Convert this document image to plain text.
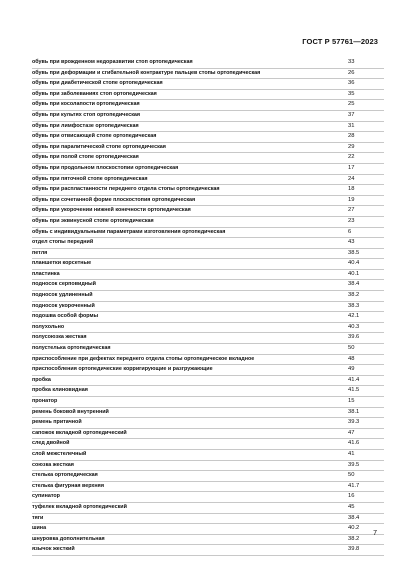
ГОСТ Р 57761—2023
обувь при врожденном недоразвитии стоп ортопедическая	33
обувь при деформации и сгибательной контрактуре пальцев стопы ортопедическая	26
обувь при диабетической стопе ортопедическая	36
обувь при заболеваниях стоп ортопедическая	35
обувь при косолапости ортопедическая	25
обувь при культях стоп ортопедическая	37
обувь при лимфостазе ортопедическая	31
обувь при отвисающей стопе ортопедическая	28
обувь при паралитической стопе ортопедическая	29
обувь при полой стопе ортопедическая	22
обувь при продольном плоскостопии ортопедическая	17
обувь при пяточной стопе ортопедическая	24
обувь при распластанности переднего отдела стопы ортопедическая	18
обувь при сочетанной форме плоскостопия ортопедическая	19
обувь при укорочении нижней конечности ортопедическая	27
обувь при эквинусной стопе ортопедическая	23
обувь с индивидуальными параметрами изготовления ортопедическая	6
отдел стопы передний	43
петля	38.5
планшетки корсетные	40.4
пластинка	40.1
подносок серповидный	38.4
подносок удлиненный	38.2
подносок укороченный	38.3
подошва особой формы	42.1
полухольно	40.3
полусоюзка жесткая	39.6
полустелька ортопедическая	50
приспособление при дефектах переднего отдела стопы ортопедическое вкладное	48
приспособления ортопедические корригирующие и разгружающие	49
пробка	41.4
пробка клиновидная	41.5
пронатор	15
ремень боковой внутренний	38.1
ремень притачной	39.3
сапожок вкладной ортопедический	47
след двойной	41.6
слой межстелечный	41
союзка жесткая	39.5
стелька ортопедическая	50
стелька фигурная верхняя	41.7
супинатор	16
туфелек вкладной ортопедический	45
тяги	38.4
шина	40.2
шнуровка дополнительная	38.2
язычок жесткий	39.8
7
